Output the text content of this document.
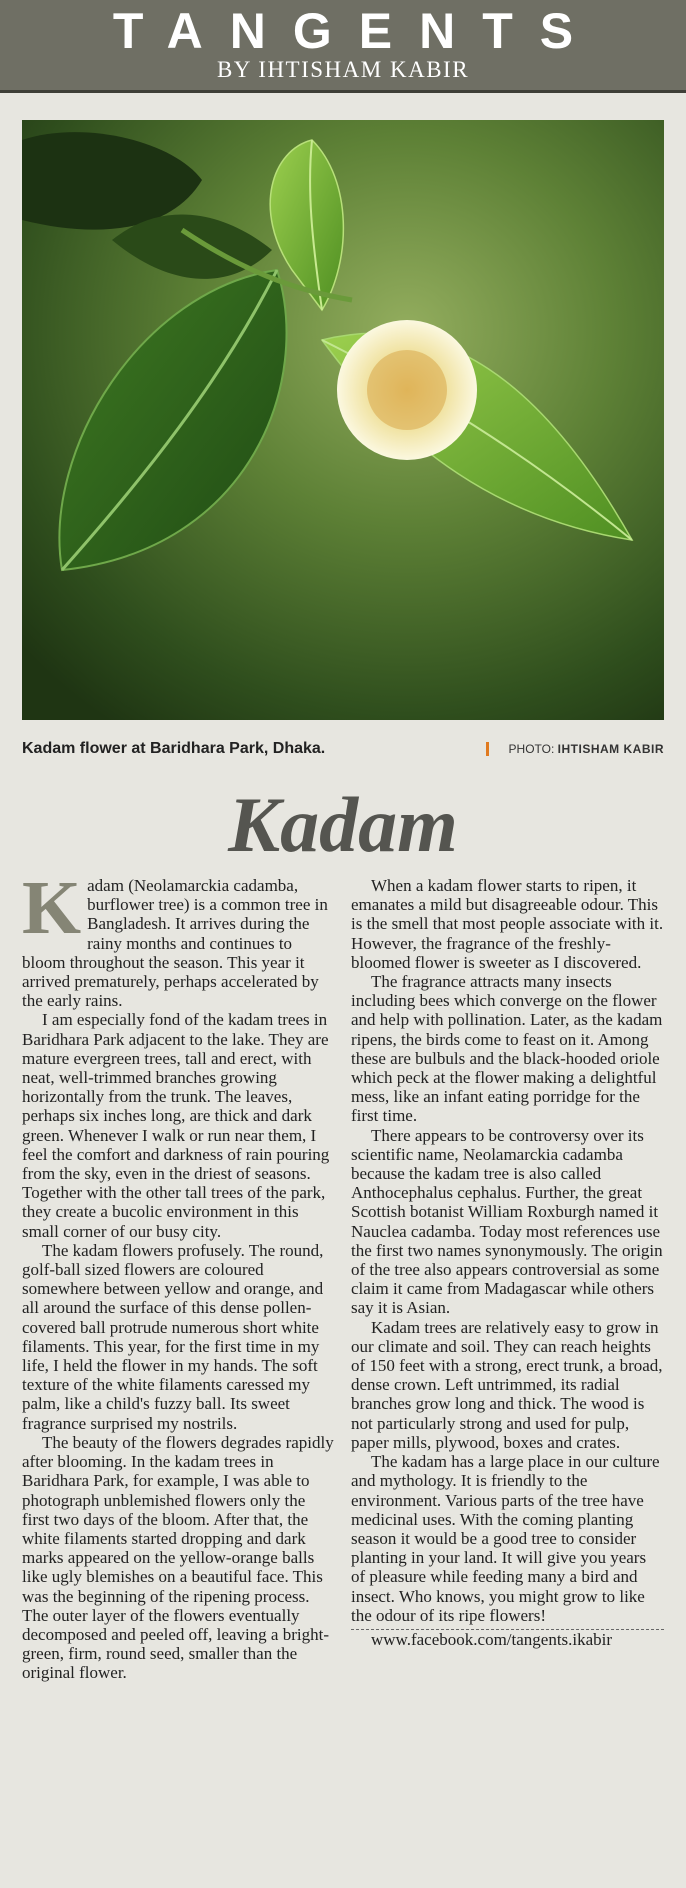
TANGENTS
BY IHTISHAM KABIR
Kadam flower at Baridhara Park, Dhaka.	PHOTO: IHTISHAM KABIR
Kadam

Kadam (Neolamarckia cadamba, burflower tree) is a common tree in Bangladesh. It arrives during the rainy months and continues to bloom throughout the season. This year it arrived prematurely, perhaps accelerated by the early rains.

I am especially fond of the kadam trees in Baridhara Park adjacent to the lake. They are mature evergreen trees, tall and erect, with neat, well-trimmed branches growing horizontally from the trunk. The leaves, perhaps six inches long, are thick and dark green. Whenever I walk or run near them, I feel the comfort and darkness of rain pouring from the sky, even in the driest of seasons. Together with the other tall trees of the park, they create a bucolic environment in this small corner of our busy city.

The kadam flowers profusely. The round, golf-ball sized flowers are coloured somewhere between yellow and orange, and all around the surface of this dense pollen-covered ball protrude numerous short white filaments. This year, for the first time in my life, I held the flower in my hands. The soft texture of the white filaments caressed my palm, like a child's fuzzy ball. Its sweet fragrance surprised my nostrils.

The beauty of the flowers degrades rapidly after blooming. In the kadam trees in Baridhara Park, for example, I was able to photograph unblemished flowers only the first two days of the bloom. After that, the white filaments started dropping and dark marks appeared on the yellow-orange balls like ugly blemishes on a beautiful face. This was the beginning of the ripening process. The outer layer of the flowers eventually decomposed and peeled off, leaving a bright-green, firm, round seed, smaller than the original flower.

When a kadam flower starts to ripen, it emanates a mild but disagreeable odour. This is the smell that most people associate with it. However, the fragrance of the freshly-bloomed flower is sweeter as I discovered.

The fragrance attracts many insects including bees which converge on the flower and help with pollination. Later, as the kadam ripens, the birds come to feast on it. Among these are bulbuls and the black-hooded oriole which peck at the flower making a delightful mess, like an infant eating porridge for the first time.

There appears to be controversy over its scientific name, Neolamarckia cadamba because the kadam tree is also called Anthocephalus cephalus. Further, the great Scottish botanist William Roxburgh named it Nauclea cadamba. Today most references use the first two names synonymously. The origin of the tree also appears controversial as some claim it came from Madagascar while others say it is Asian.

Kadam trees are relatively easy to grow in our climate and soil. They can reach heights of 150 feet with a strong, erect trunk, a broad, dense crown. Left untrimmed, its radial branches grow long and thick. The wood is not particularly strong and used for pulp, paper mills, plywood, boxes and crates.

The kadam has a large place in our culture and mythology. It is friendly to the environment. Various parts of the tree have medicinal uses. With the coming planting season it would be a good tree to consider planting in your land. It will give you years of pleasure while feeding many a bird and insect. Who knows, you might grow to like the odour of its ripe flowers!

www.facebook.com/tangents.ikabir
